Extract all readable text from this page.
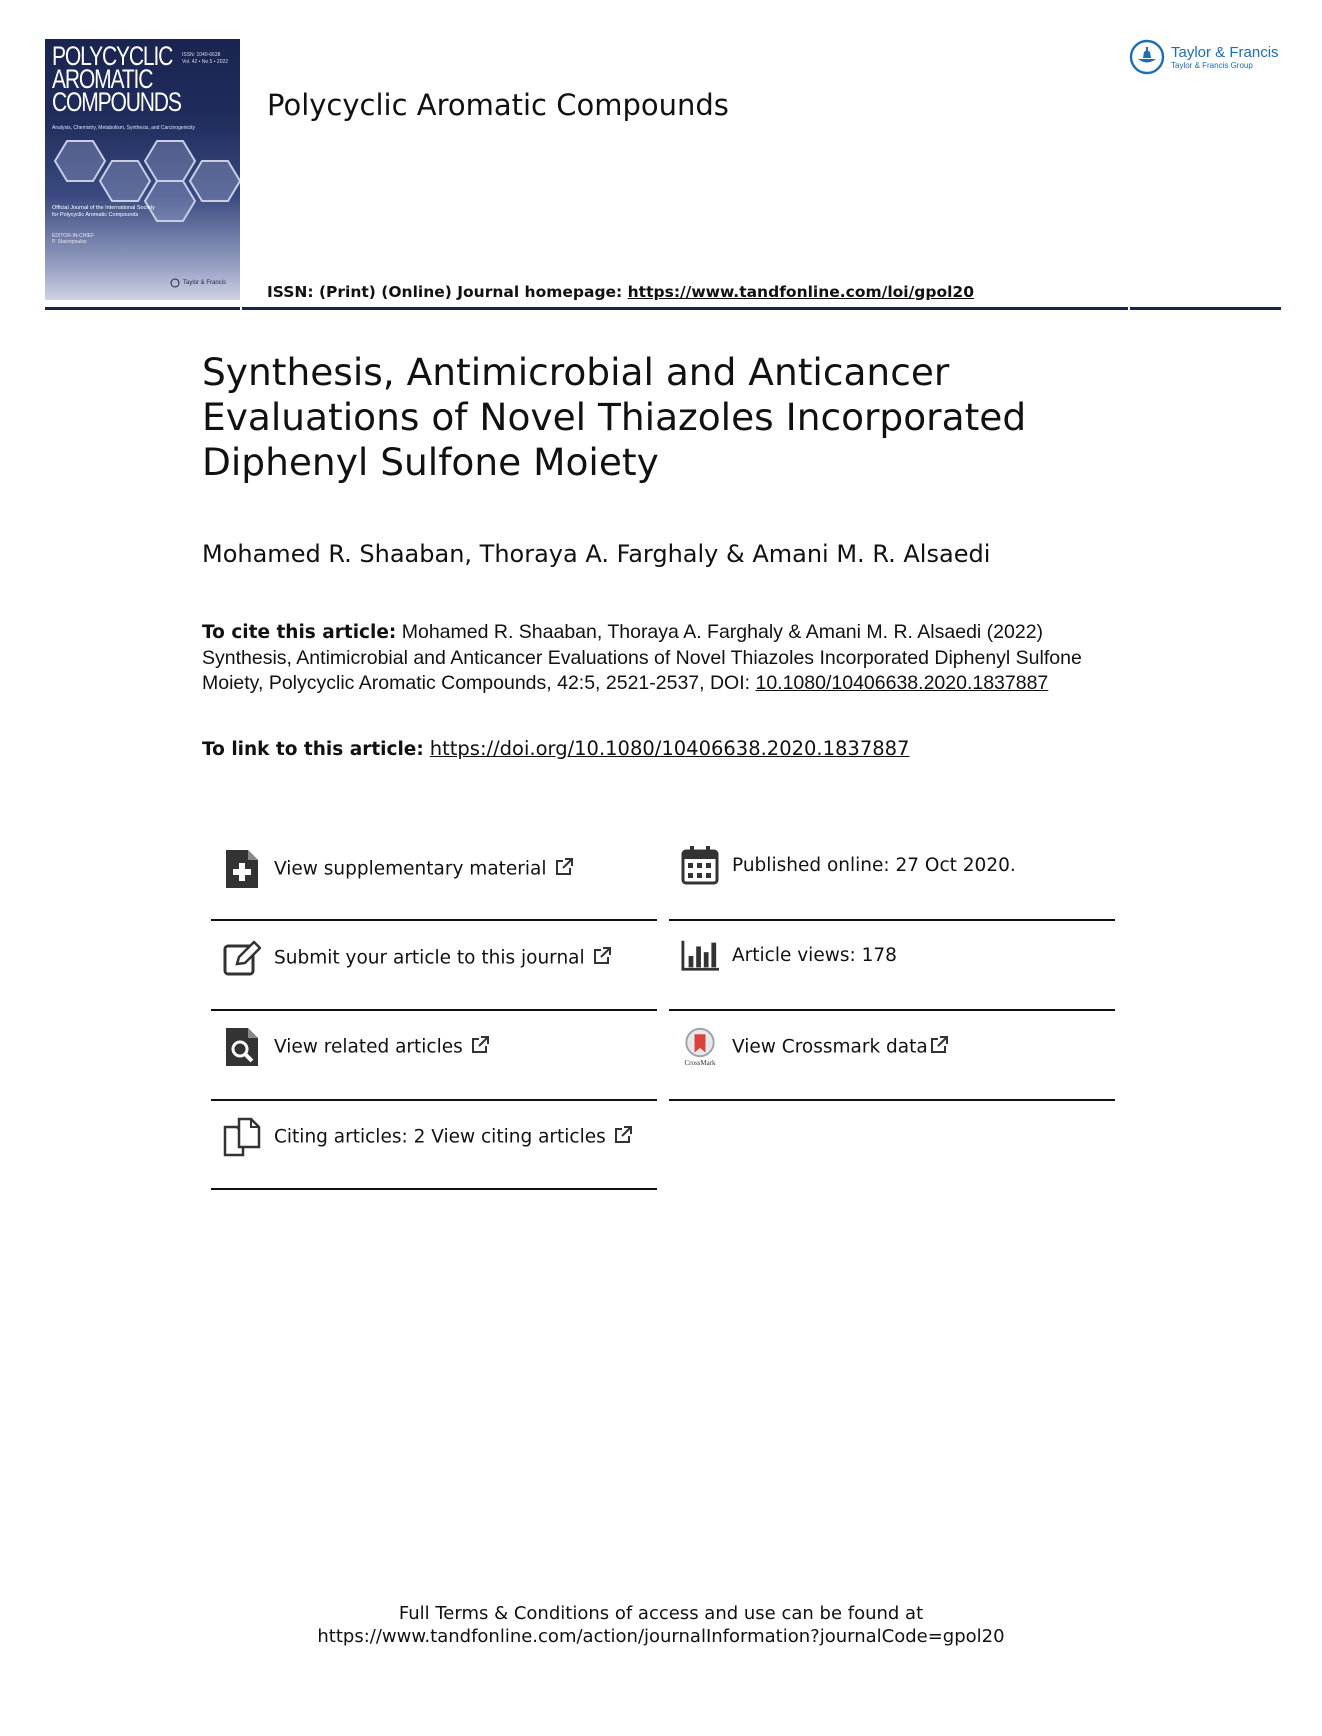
POLYCYCLIC
AROMATIC
COMPOUNDS
ISSN: 1040-6638
Vol. 42 • No.5 • 2022
Analysis, Chemistry, Metabolism, Synthesis, and Carcinogenicity
Official Journal of the International Society for Polycyclic Aromatic Compounds
EDITOR-IN-CHIEF
P. Stavropoulos
Taylor & Francis
Polycyclic Aromatic Compounds
Taylor & Francis
Taylor & Francis Group
ISSN: (Print) (Online) Journal homepage: https://www.tandfonline.com/loi/gpol20
Synthesis, Antimicrobial and Anticancer Evaluations of Novel Thiazoles Incorporated Diphenyl Sulfone Moiety
Mohamed R. Shaaban, Thoraya A. Farghaly & Amani M. R. Alsaedi
To cite this article: Mohamed R. Shaaban, Thoraya A. Farghaly & Amani M. R. Alsaedi (2022) Synthesis, Antimicrobial and Anticancer Evaluations of Novel Thiazoles Incorporated Diphenyl Sulfone Moiety, Polycyclic Aromatic Compounds, 42:5, 2521-2537, DOI: 10.1080/10406638.2020.1837887
To link to this article: https://doi.org/10.1080/10406638.2020.1837887
View supplementary material
Submit your article to this journal
View related articles
Citing articles: 2 View citing articles
Published online: 27 Oct 2020.
Article views: 178
CrossMark
View Crossmark data
Full Terms & Conditions of access and use can be found at
https://www.tandfonline.com/action/journalInformation?journalCode=gpol20
